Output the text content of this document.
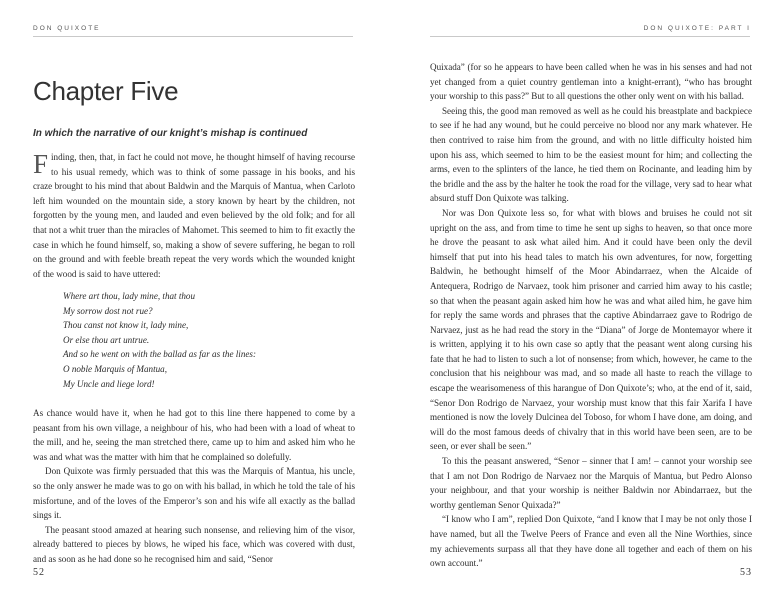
DON QUIXOTE
Chapter Five
In which the narrative of our knight’s mishap is continued

Finding, then, that, in fact he could not move, he thought himself of having recourse to his usual remedy, which was to think of some passage in his books, and his craze brought to his mind that about Baldwin and the Marquis of Mantua, when Carloto left him wounded on the mountain side, a story known by heart by the children, not forgotten by the young men, and lauded and even believed by the old folk; and for all that not a whit truer than the miracles of Mahomet. This seemed to him to fit exactly the case in which he found himself, so, making a show of severe suffering, he began to roll on the ground and with feeble breath repeat the very words which the wounded knight of the wood is said to have uttered:

Where art thou, lady mine, that thou
My sorrow dost not rue?
Thou canst not know it, lady mine,
Or else thou art untrue.
And so he went on with the ballad as far as the lines:
O noble Marquis of Mantua,
My Uncle and liege lord!

As chance would have it, when he had got to this line there happened to come by a peasant from his own village, a neighbour of his, who had been with a load of wheat to the mill, and he, seeing the man stretched there, came up to him and asked him who he was and what was the matter with him that he complained so dolefully.

Don Quixote was firmly persuaded that this was the Marquis of Mantua, his uncle, so the only answer he made was to go on with his ballad, in which he told the tale of his misfortune, and of the loves of the Emperor’s son and his wife all exactly as the ballad sings it.

The peasant stood amazed at hearing such nonsense, and relieving him of the visor, already battered to pieces by blows, he wiped his face, which was covered with dust, and as soon as he had done so he recognised him and said, “Senor

52
DON QUIXOTE: PART I

Quixada” (for so he appears to have been called when he was in his senses and had not yet changed from a quiet country gentleman into a knight-errant), “who has brought your worship to this pass?” But to all questions the other only went on with his ballad.

Seeing this, the good man removed as well as he could his breastplate and backpiece to see if he had any wound, but he could perceive no blood nor any mark whatever. He then contrived to raise him from the ground, and with no little difficulty hoisted him upon his ass, which seemed to him to be the easiest mount for him; and collecting the arms, even to the splinters of the lance, he tied them on Rocinante, and leading him by the bridle and the ass by the halter he took the road for the village, very sad to hear what absurd stuff Don Quixote was talking.

Nor was Don Quixote less so, for what with blows and bruises he could not sit upright on the ass, and from time to time he sent up sighs to heaven, so that once more he drove the peasant to ask what ailed him. And it could have been only the devil himself that put into his head tales to match his own adventures, for now, forgetting Baldwin, he bethought himself of the Moor Abindarraez, when the Alcaide of Antequera, Rodrigo de Narvaez, took him prisoner and carried him away to his castle; so that when the peasant again asked him how he was and what ailed him, he gave him for reply the same words and phrases that the captive Abindarraez gave to Rodrigo de Narvaez, just as he had read the story in the “Diana” of Jorge de Montemayor where it is written, applying it to his own case so aptly that the peasant went along cursing his fate that he had to listen to such a lot of nonsense; from which, however, he came to the conclusion that his neighbour was mad, and so made all haste to reach the village to escape the wearisomeness of this harangue of Don Quixote’s; who, at the end of it, said, “Senor Don Rodrigo de Narvaez, your worship must know that this fair Xarifa I have mentioned is now the lovely Dulcinea del Toboso, for whom I have done, am doing, and will do the most famous deeds of chivalry that in this world have been seen, are to be seen, or ever shall be seen.”

To this the peasant answered, “Senor – sinner that I am! – cannot your worship see that I am not Don Rodrigo de Narvaez nor the Marquis of Mantua, but Pedro Alonso your neighbour, and that your worship is neither Baldwin nor Abindarraez, but the worthy gentleman Senor Quixada?”

“I know who I am”, replied Don Quixote, “and I know that I may be not only those I have named, but all the Twelve Peers of France and even all the Nine Worthies, since my achievements surpass all that they have done all together and each of them on his own account.”

53
